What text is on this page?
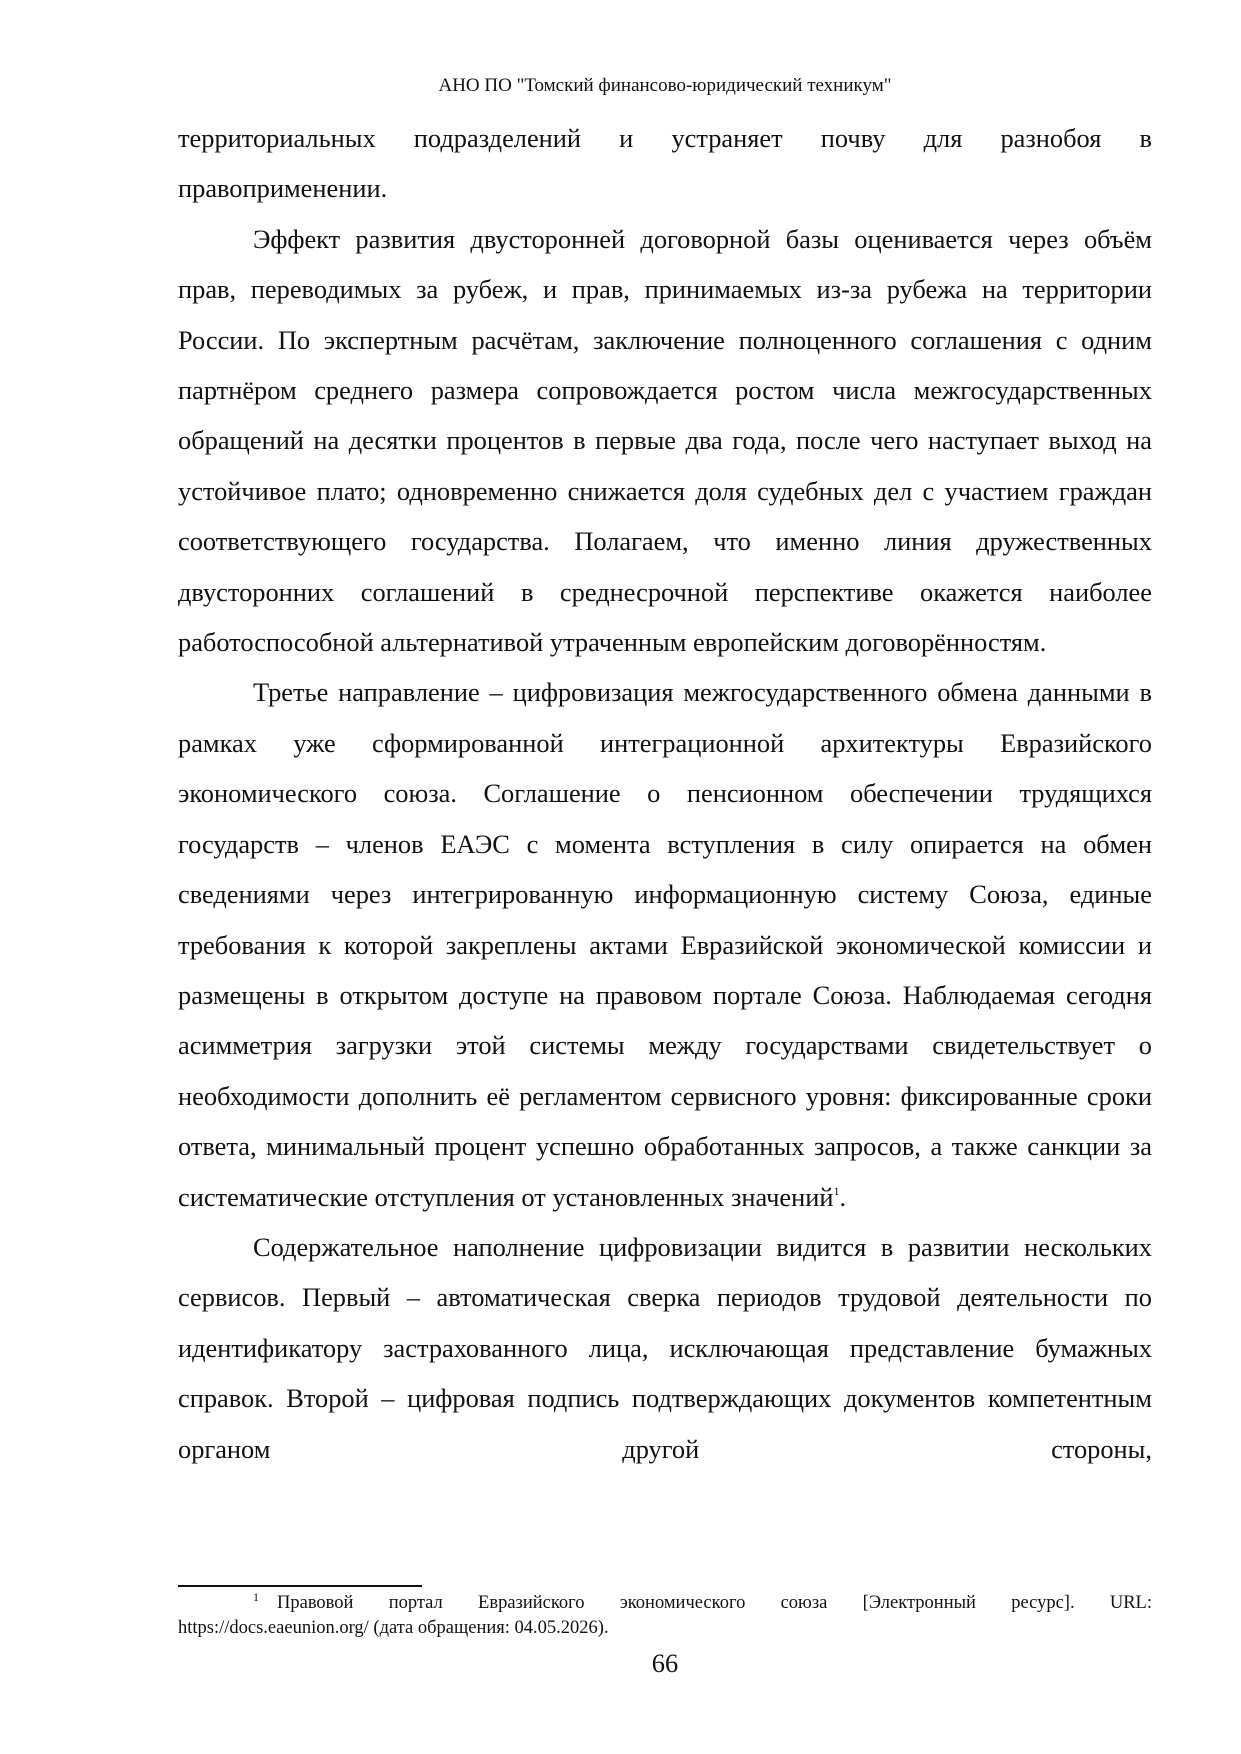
АНО ПО "Томский финансово-юридический техникум"

территориальных подразделений и устраняет почву для разнобоя в
правоприменении.

Эффект развития двусторонней договорной базы оценивается через объём прав, переводимых за рубеж, и прав, принимаемых из-за рубежа на территории России. По экспертным расчётам, заключение полноценного соглашения с одним партнёром среднего размера сопровождается ростом числа межгосударственных обращений на десятки процентов в первые два года, после чего наступает выход на устойчивое плато; одновременно снижается доля судебных дел с участием граждан соответствующего государства. Полагаем, что именно линия дружественных двусторонних соглашений в среднесрочной перспективе окажется наиболее работоспособной альтернативой утраченным европейским договорённостям.

Третье направление – цифровизация межгосударственного обмена данными в рамках уже сформированной интеграционной архитектуры Евразийского экономического союза. Соглашение о пенсионном обеспечении трудящихся государств – членов ЕАЭС с момента вступления в силу опирается на обмен сведениями через интегрированную информационную систему Союза, единые требования к которой закреплены актами Евразийской экономической комиссии и размещены в открытом доступе на правовом портале Союза. Наблюдаемая сегодня асимметрия загрузки этой системы между государствами свидетельствует о необходимости дополнить её регламентом сервисного уровня: фиксированные сроки ответа, минимальный процент успешно обработанных запросов, а также санкции за систематические отступления от установленных значений$^1$.

Содержательное наполнение цифровизации видится в развитии нескольких сервисов. Первый – автоматическая сверка периодов трудовой деятельности по идентификатору застрахованного лица, исключающая представление бумажных справок. Второй – цифровая подпись подтверждающих документов компетентным органом другой стороны,

$^1$ Правовой портал Евразийского экономического союза [Электронный ресурс]. URL:

https://docs.eaeunion.org/ (дата обращения: 04.05.2026).

66
